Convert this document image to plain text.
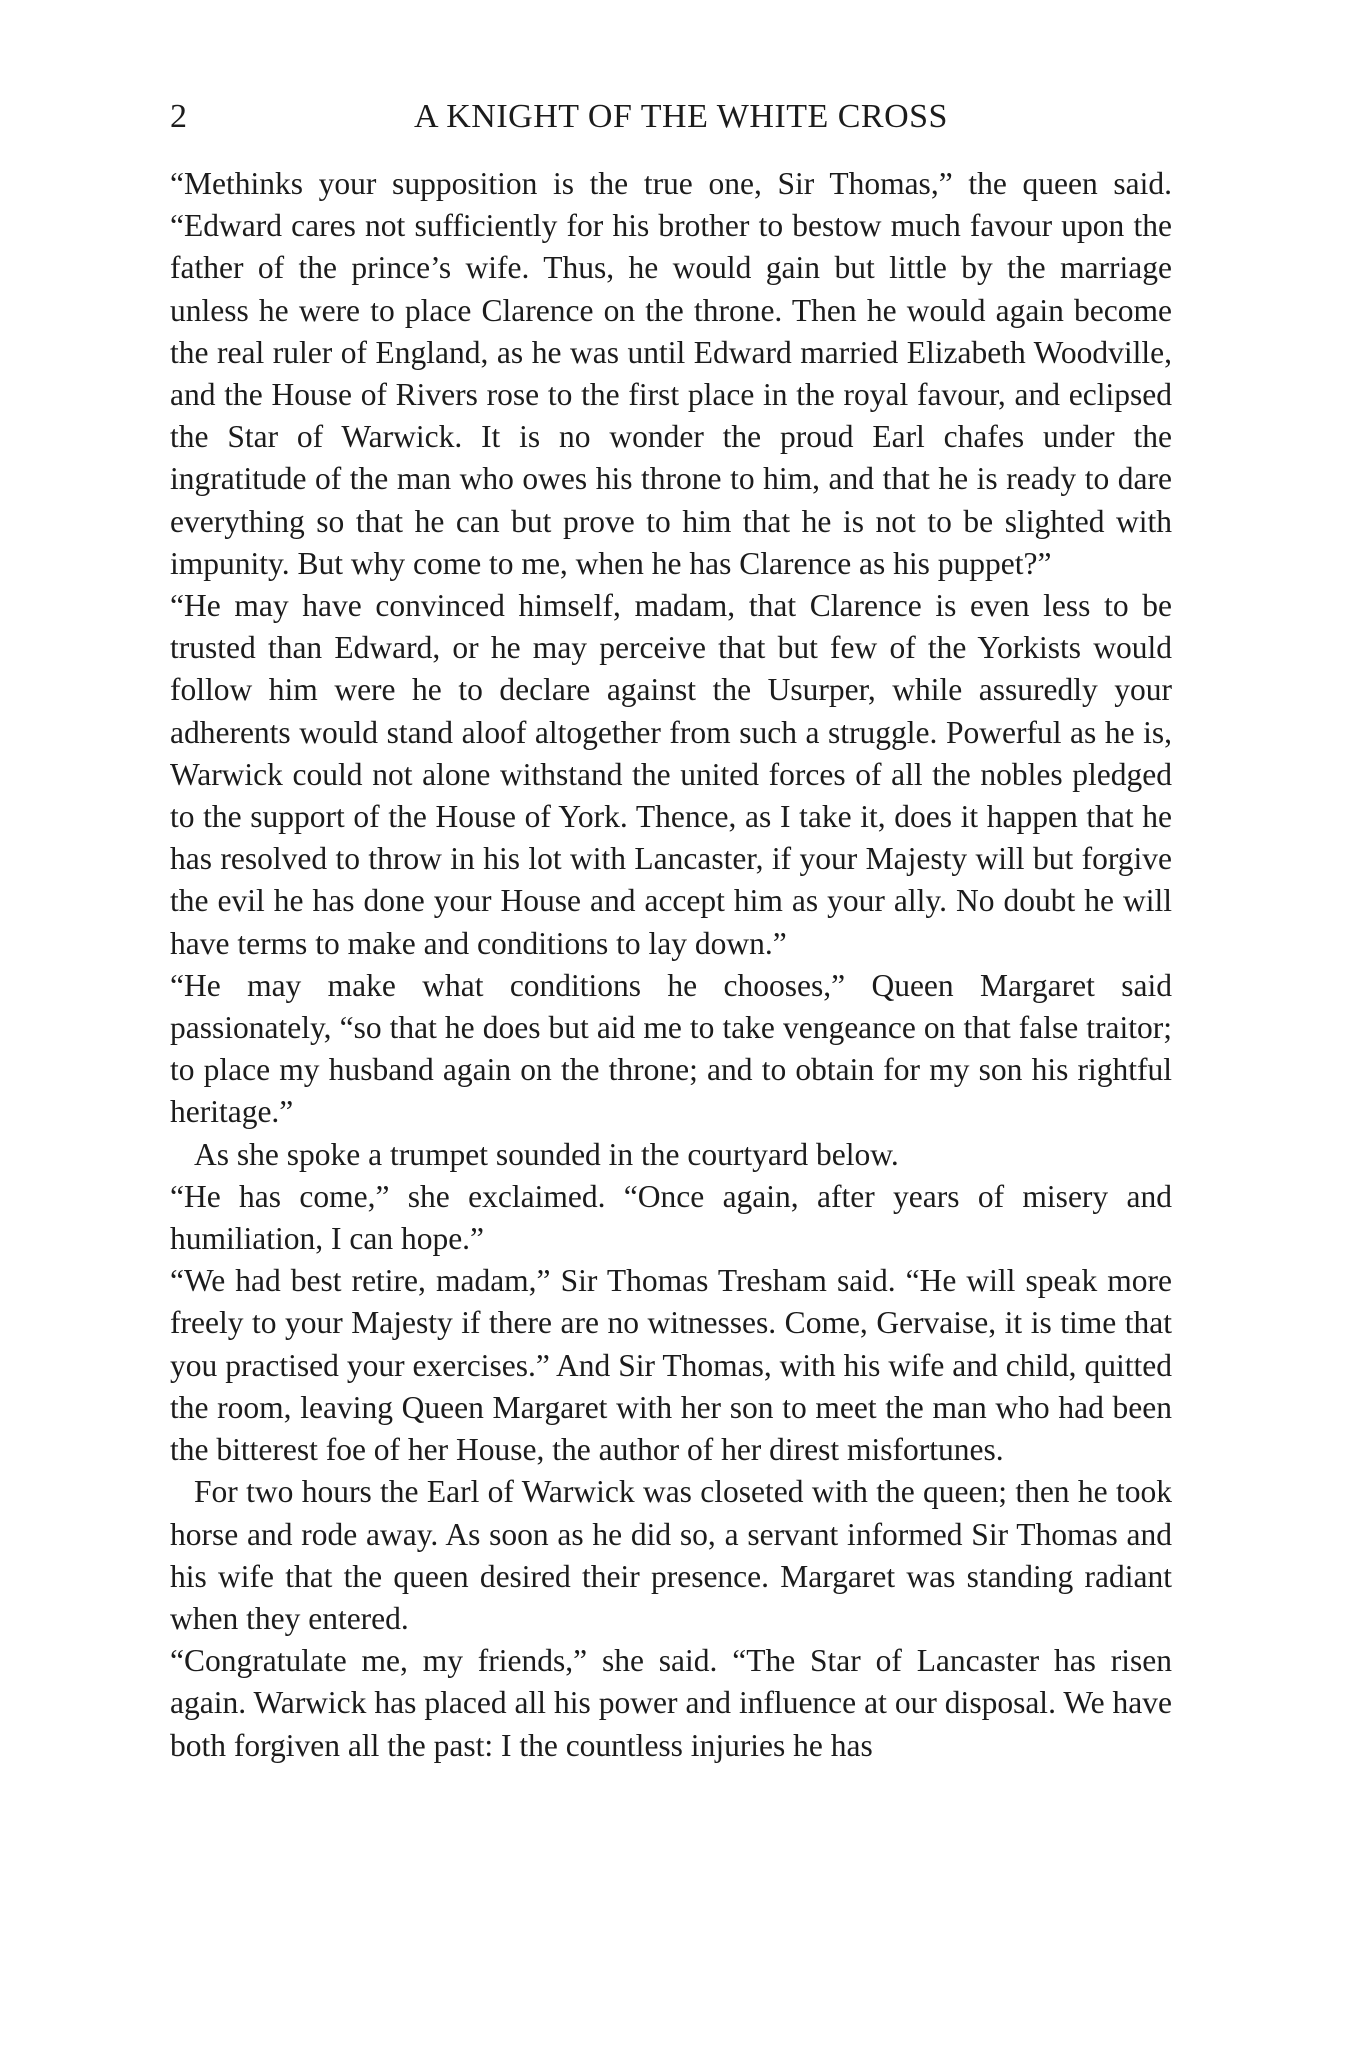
2	A KNIGHT OF THE WHITE CROSS

“Methinks your supposition is the true one, Sir Thomas,” the queen said. “Edward cares not sufficiently for his brother to bestow much favour upon the father of the prince’s wife. Thus, he would gain but little by the marriage unless he were to place Clarence on the throne. Then he would again become the real ruler of England, as he was until Edward married Elizabeth Woodville, and the House of Rivers rose to the first place in the royal favour, and eclipsed the Star of Warwick. It is no wonder the proud Earl chafes under the ingratitude of the man who owes his throne to him, and that he is ready to dare everything so that he can but prove to him that he is not to be slighted with impunity. But why come to me, when he has Clarence as his puppet?”

“He may have convinced himself, madam, that Clarence is even less to be trusted than Edward, or he may perceive that but few of the Yorkists would follow him were he to declare against the Usurper, while assuredly your adherents would stand aloof altogether from such a struggle. Powerful as he is, Warwick could not alone withstand the united forces of all the nobles pledged to the support of the House of York. Thence, as I take it, does it happen that he has resolved to throw in his lot with Lancaster, if your Majesty will but forgive the evil he has done your House and accept him as your ally. No doubt he will have terms to make and conditions to lay down.”

“He may make what conditions he chooses,” Queen Margaret said passionately, “so that he does but aid me to take vengeance on that false traitor; to place my husband again on the throne; and to obtain for my son his rightful heritage.”

As she spoke a trumpet sounded in the courtyard below.

“He has come,” she exclaimed. “Once again, after years of misery and humiliation, I can hope.”

“We had best retire, madam,” Sir Thomas Tresham said. “He will speak more freely to your Majesty if there are no witnesses. Come, Gervaise, it is time that you practised your exercises.” And Sir Thomas, with his wife and child, quitted the room, leaving Queen Margaret with her son to meet the man who had been the bitterest foe of her House, the author of her direst misfortunes.

For two hours the Earl of Warwick was closeted with the queen; then he took horse and rode away. As soon as he did so, a servant informed Sir Thomas and his wife that the queen desired their presence. Margaret was standing radiant when they entered.

“Congratulate me, my friends,” she said. “The Star of Lancaster has risen again. Warwick has placed all his power and influence at our disposal. We have both forgiven all the past: I the countless injuries he has
